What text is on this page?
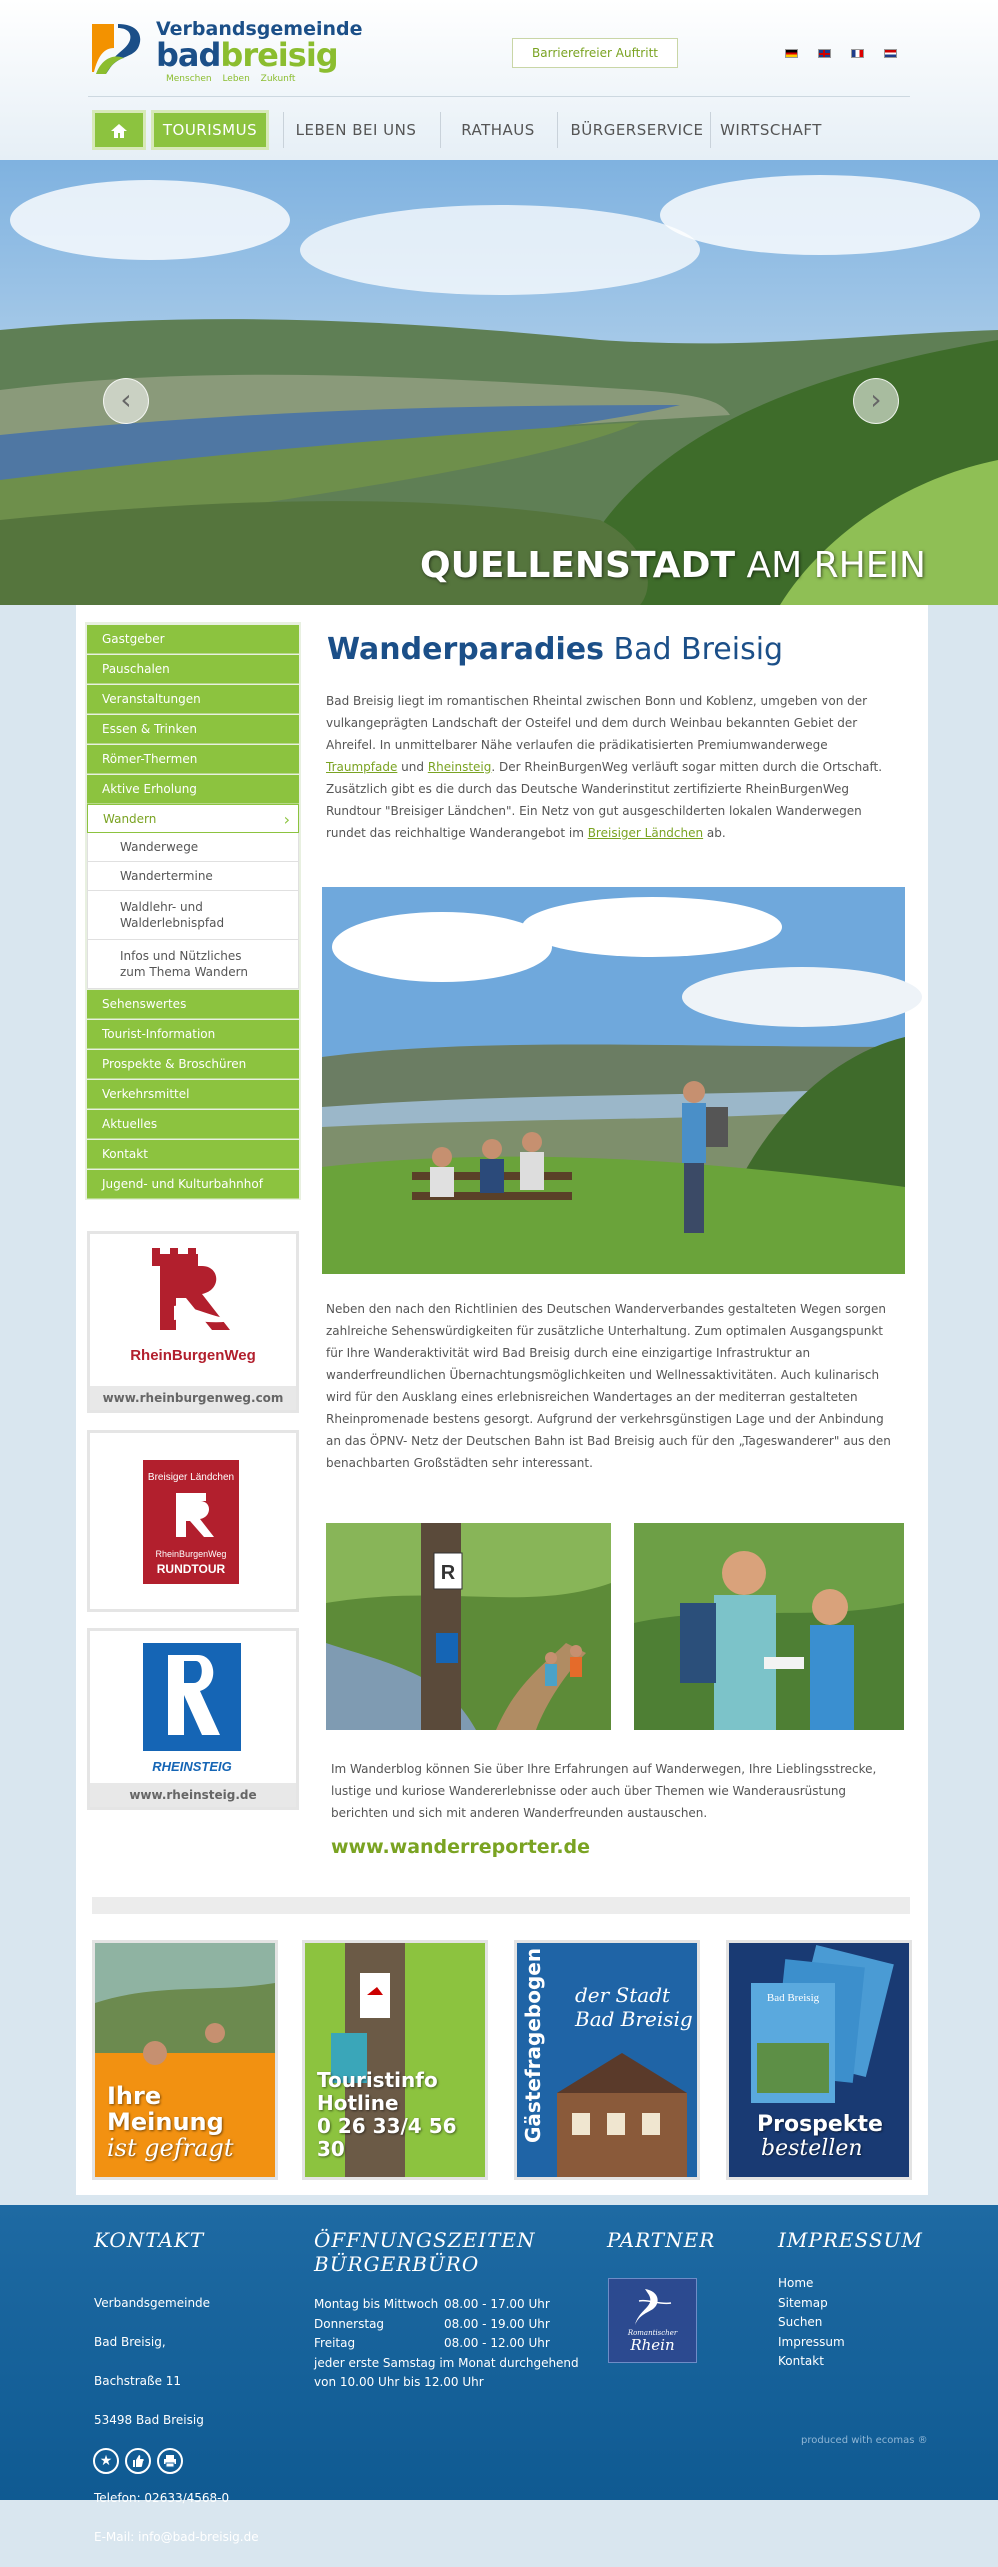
Verbandsgemeinde
badbreisig
Menschen Leben Zukunft
Barrierefreier Auftritt
TOURISMUS	LEBEN BEI UNS	RATHAUS	BÜRGERSERVICE WIRTSCHAFT
‹	›
QUELLENSTADT AM RHEIN
Gastgeber
Pauschalen
Veranstaltungen
Essen & Trinken
Römer-Thermen
Aktive Erholung
Wandern	›
Wanderwege
Wandertermine
Waldlehr- und
Walderlebnispfad
Infos und Nützliches
zum Thema Wandern
Sehenswertes
Tourist-Information
Prospekte & Broschüren
Verkehrsmittel
Aktuelles
Kontakt
Jugend- und Kulturbahnhof
RheinBurgenWeg
www.rheinburgenweg.com
Breisiger Ländchen
RheinBurgenWeg
RUNDTOUR
RHEINSTEIG
www.rheinsteig.de
Wanderparadies Bad Breisig
Bad Breisig liegt im romantischen Rheintal zwischen Bonn und Koblenz, umgeben von der vulkangeprägten Landschaft der Osteifel und dem durch Weinbau bekannten Gebiet der Ahreifel. In unmittelbarer Nähe verlaufen die prädikatisierten Premiumwanderwege Traumpfade und Rheinsteig. Der RheinBurgenWeg verläuft sogar mitten durch die Ortschaft. Zusätzlich gibt es die durch das Deutsche Wanderinstitut zertifizierte RheinBurgenWeg Rundtour "Breisiger Ländchen". Ein Netz von gut ausgeschilderten lokalen Wanderwegen rundet das reichhaltige Wanderangebot im Breisiger Ländchen ab.
Neben den nach den Richtlinien des Deutschen Wanderverbandes gestalteten Wegen sorgen zahlreiche Sehenswürdigkeiten für zusätzliche Unterhaltung. Zum optimalen Ausgangspunkt für Ihre Wanderaktivität wird Bad Breisig durch eine einzigartige Infrastruktur an wanderfreundlichen Übernachtungsmöglichkeiten und Wellnessaktivitäten. Auch kulinarisch wird für den Ausklang eines erlebnisreichen Wandertages an der mediterran gestalteten Rheinpromenade bestens gesorgt. Aufgrund der verkehrsgünstigen Lage und der Anbindung an das ÖPNV- Netz der Deutschen Bahn ist Bad Breisig auch für den „Tageswanderer" aus den benachbarten Großstädten sehr interessant.
R
Im Wanderblog können Sie über Ihre Erfahrungen auf Wanderwegen, Ihre Lieblingsstrecke, lustige und kuriose Wandererlebnisse oder auch über Themen wie Wanderausrüstung berichten und sich mit anderen Wanderfreunden austauschen.
www.wanderreporter.de
Ihre
Meinung
ist gefragt
Touristinfo
Hotline
0 26 33/4 56 30
Gästefragebogen der Stadt
Bad Breisig
Bad Breisig
Prospekte
bestellen
KONTAKT

Verbandsgemeinde

Bad Breisig,

Bachstraße 11

53498 Bad Breisig

Telefon: 02633/4568-0

E-Mail: info@bad-breisig.de

ÖFFNUNGSZEITEN
BÜRGERBÜRO
Montag bis Mittwoch 08.00 - 17.00 Uhr
Donnerstag	08.00 - 19.00 Uhr
Freitag	08.00 - 12.00 Uhr
jeder erste Samstag im Monat durchgehend
von 10.00 Uhr bis 12.00 Uhr
PARTNER
Romantischer
Rhein
IMPRESSUM
Home
Sitemap
Suchen
Impressum
Kontakt
produced with ecomas ®
★
